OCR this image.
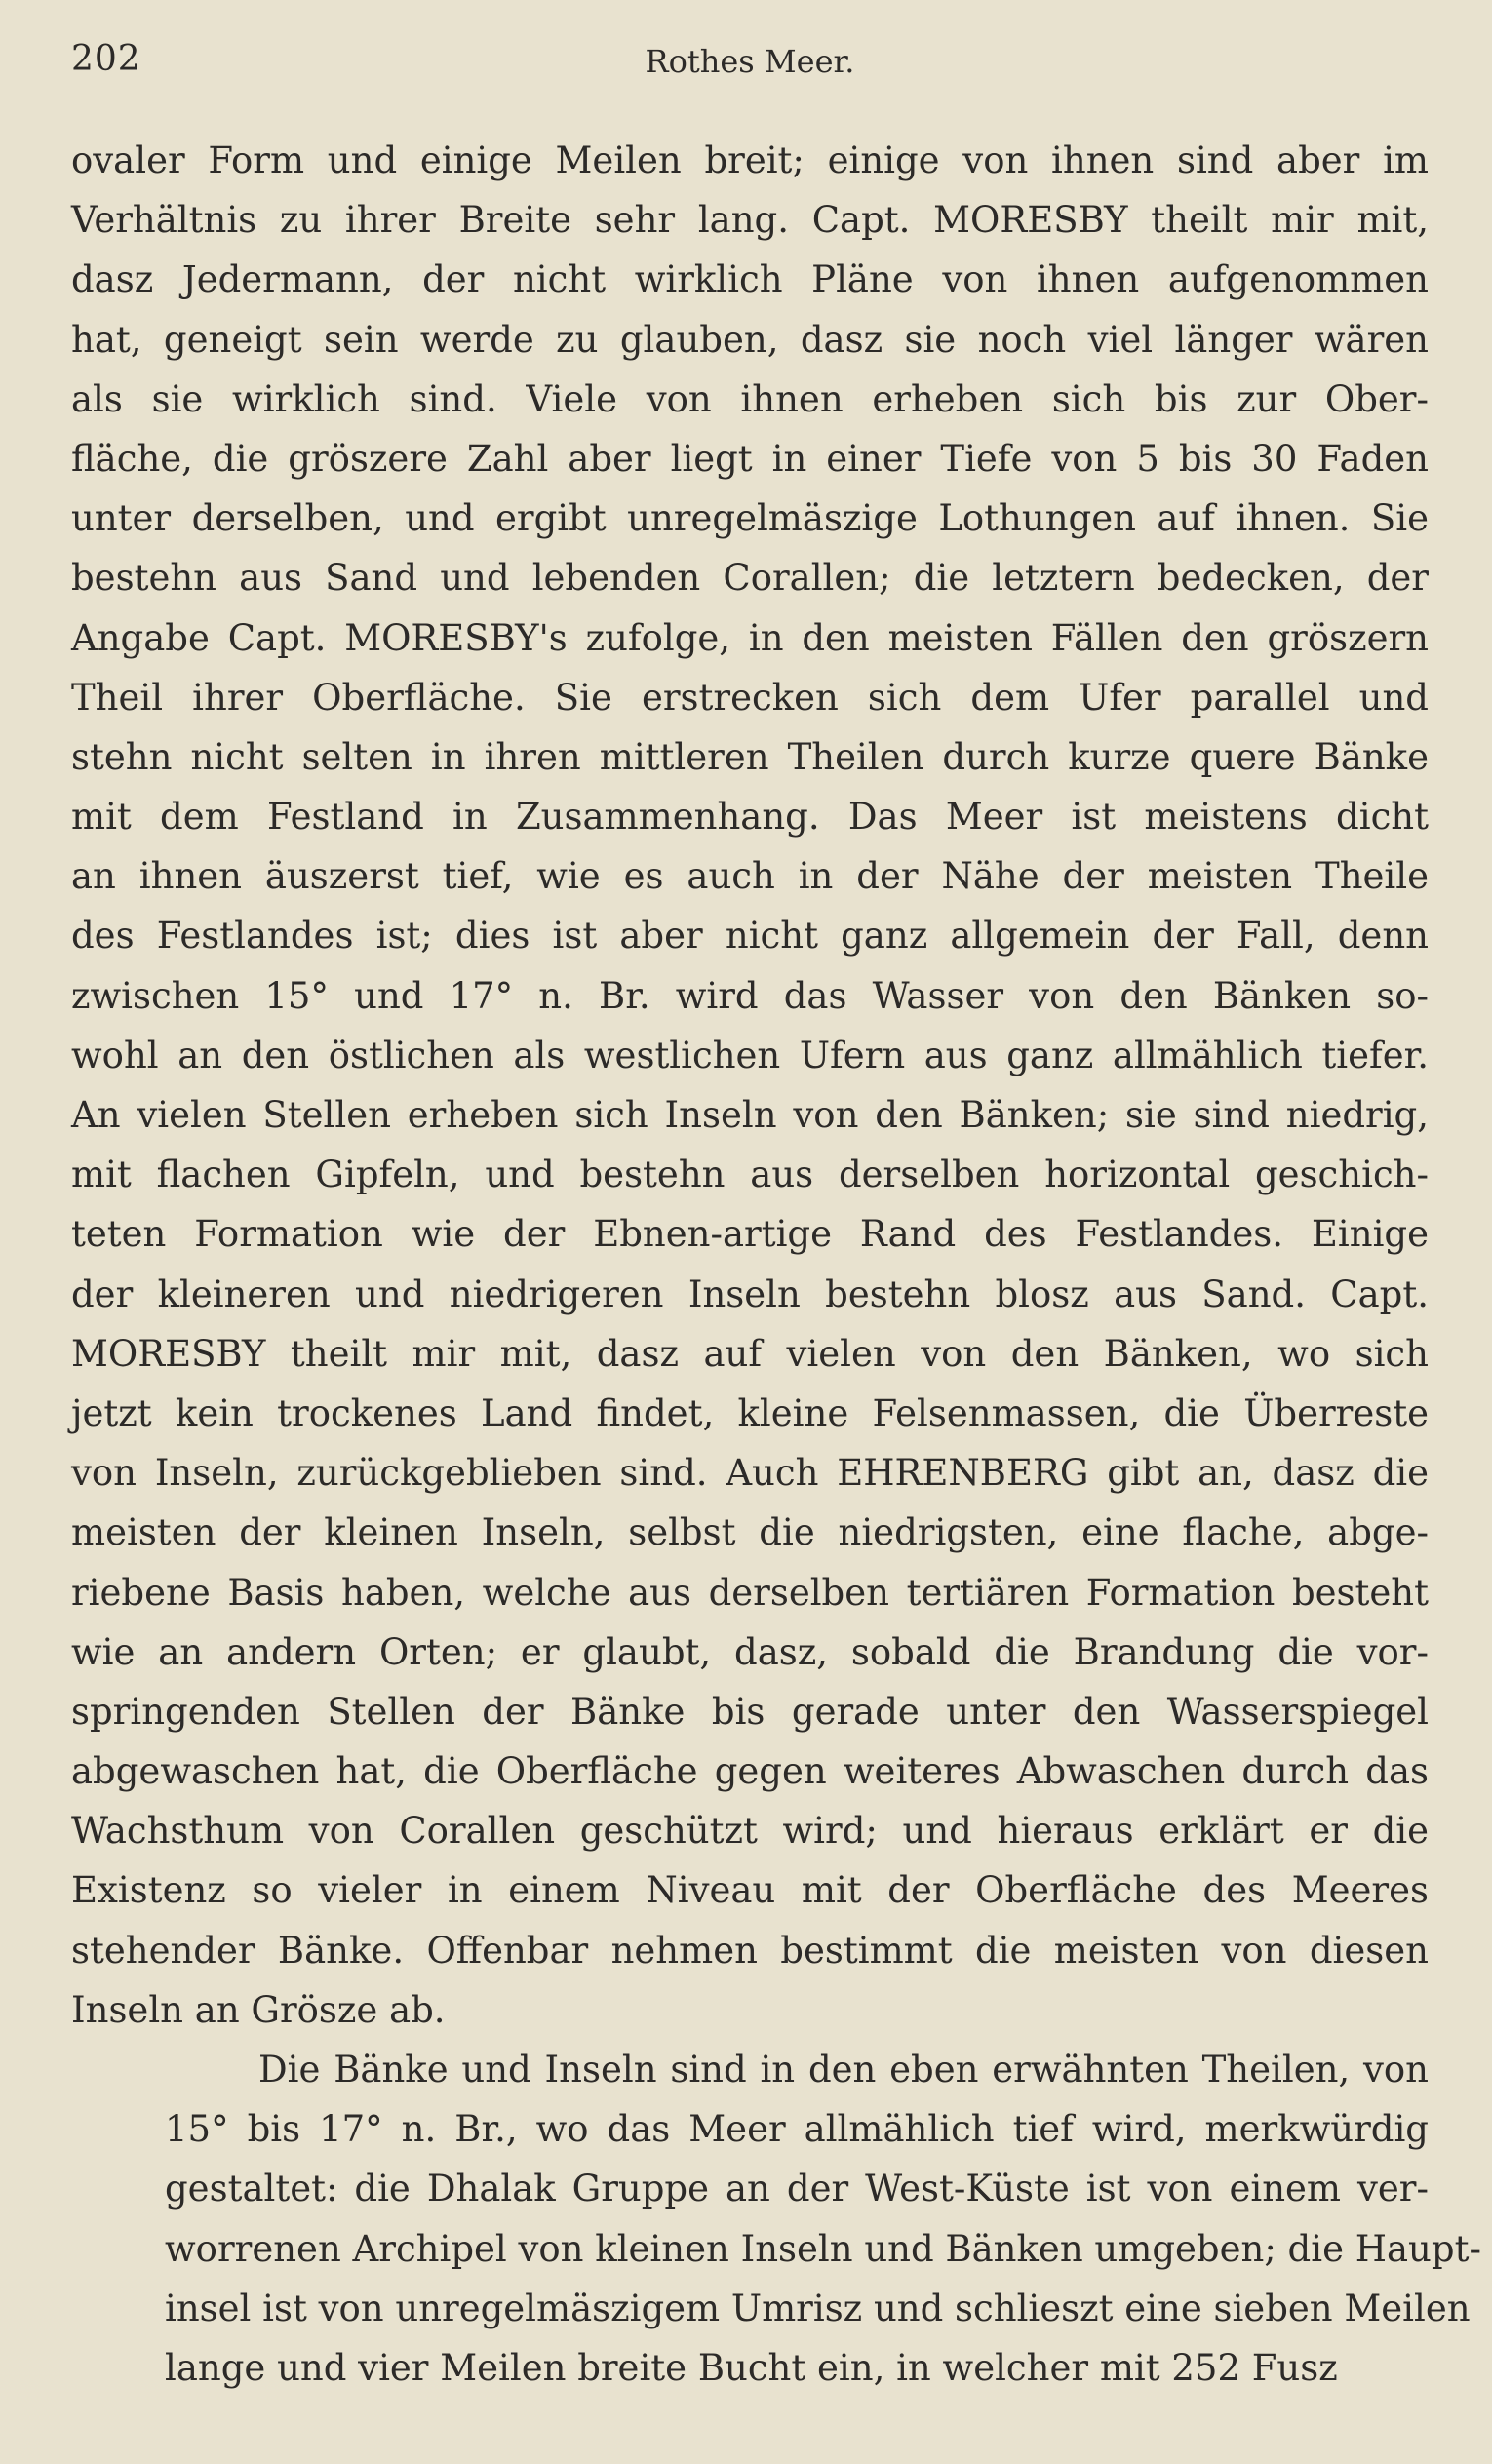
202	Rothes Meer.
ovaler Form und einige Meilen breit; einige von ihnen sind aber im
Verhältnis zu ihrer Breite sehr lang. Capt. MORESBY theilt mir mit,
dasz Jedermann, der nicht wirklich Pläne von ihnen aufgenommen
hat, geneigt sein werde zu glauben, dasz sie noch viel länger wären
als sie wirklich sind. Viele von ihnen erheben sich bis zur Ober-
fläche, die gröszere Zahl aber liegt in einer Tiefe von 5 bis 30 Faden
unter derselben, und ergibt unregelmäszige Lothungen auf ihnen. Sie
bestehn aus Sand und lebenden Corallen; die letztern bedecken, der
Angabe Capt. MORESBY's zufolge, in den meisten Fällen den gröszern
Theil ihrer Oberfläche. Sie erstrecken sich dem Ufer parallel und
stehn nicht selten in ihren mittleren Theilen durch kurze quere Bänke
mit dem Festland in Zusammenhang. Das Meer ist meistens dicht
an ihnen äuszerst tief, wie es auch in der Nähe der meisten Theile
des Festlandes ist; dies ist aber nicht ganz allgemein der Fall, denn
zwischen 15° und 17° n. Br. wird das Wasser von den Bänken so-
wohl an den östlichen als westlichen Ufern aus ganz allmählich tiefer.
An vielen Stellen erheben sich Inseln von den Bänken; sie sind niedrig,
mit flachen Gipfeln, und bestehn aus derselben horizontal geschich-
teten Formation wie der Ebnen-artige Rand des Festlandes. Einige
der kleineren und niedrigeren Inseln bestehn blosz aus Sand. Capt.
MORESBY theilt mir mit, dasz auf vielen von den Bänken, wo sich
jetzt kein trockenes Land findet, kleine Felsenmassen, die Überreste
von Inseln, zurückgeblieben sind. Auch EHRENBERG gibt an, dasz die
meisten der kleinen Inseln, selbst die niedrigsten, eine flache, abge-
riebene Basis haben, welche aus derselben tertiären Formation besteht
wie an andern Orten; er glaubt, dasz, sobald die Brandung die vor-
springenden Stellen der Bänke bis gerade unter den Wasserspiegel
abgewaschen hat, die Oberfläche gegen weiteres Abwaschen durch das
Wachsthum von Corallen geschützt wird; und hieraus erklärt er die
Existenz so vieler in einem Niveau mit der Oberfläche des Meeres
stehender Bänke. Offenbar nehmen bestimmt die meisten von diesen
Inseln an Grösze ab.
Die Bänke und Inseln sind in den eben erwähnten Theilen, von
15° bis 17° n. Br., wo das Meer allmählich tief wird, merkwürdig
gestaltet: die Dhalak Gruppe an der West-Küste ist von einem ver-
worrenen Archipel von kleinen Inseln und Bänken umgeben; die Haupt-
insel ist von unregelmäszigem Umrisz und schlieszt eine sieben Meilen
lange und vier Meilen breite Bucht ein, in welcher mit 252 Fusz
